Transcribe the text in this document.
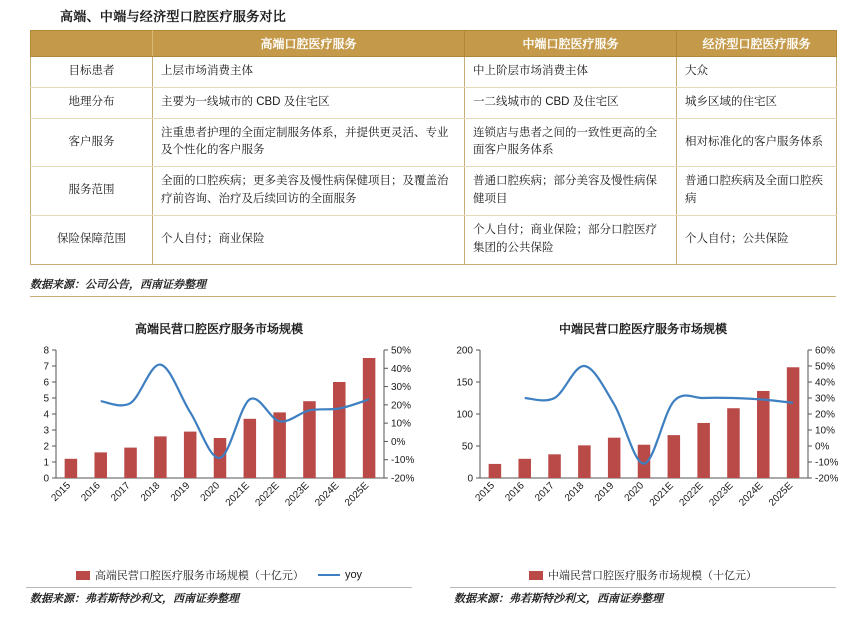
高端、中端与经济型口腔医疗服务对比
	高端口腔医疗服务	中端口腔医疗服务	经济型口腔医疗服务
目标患者	上层市场消费主体	中上阶层市场消费主体	大众
地理分布	主要为一线城市的 CBD 及住宅区	一二线城市的 CBD 及住宅区	城乡区域的住宅区
客户服务	注重患者护理的全面定制服务体系，并提供更灵活、专业及个性化的客户服务	连锁店与患者之间的一致性更高的全面客户服务体系	相对标准化的客户服务体系
服务范围	全面的口腔疾病；更多美容及慢性病保健项目；及覆盖治疗前咨询、治疗及后续回访的全面服务	普通口腔疾病；部分美容及慢性病保健项目	普通口腔疾病及全面口腔疾病
保险保障范围	个人自付；商业保险	个人自付；商业保险；部分口腔医疗集团的公共保险	个人自付；公共保险
数据来源：公司公告，西南证券整理
高端民营口腔医疗服务市场规模
0
1
2
3
4
5
6
7
8
-20%
-10%
0%
10%
20%
30%
40%
50%
2015 2016 2017 2018 2019 2020 2021E 2022E 2023E 2024E 2025E
高端民营口腔医疗服务市场规模（十亿元）	yoy
数据来源：弗若斯特沙利文，西南证券整理
中端民营口腔医疗服务市场规模
0
50
100
150
200
-20%
-10%
0%
10%
20%
30%
40%
50%
60%
2015 2016 2017 2018 2019 2020 2021E 2022E 2023E 2024E 2025E
中端民营口腔医疗服务市场规模（十亿元）
数据来源：弗若斯特沙利文，西南证券整理
